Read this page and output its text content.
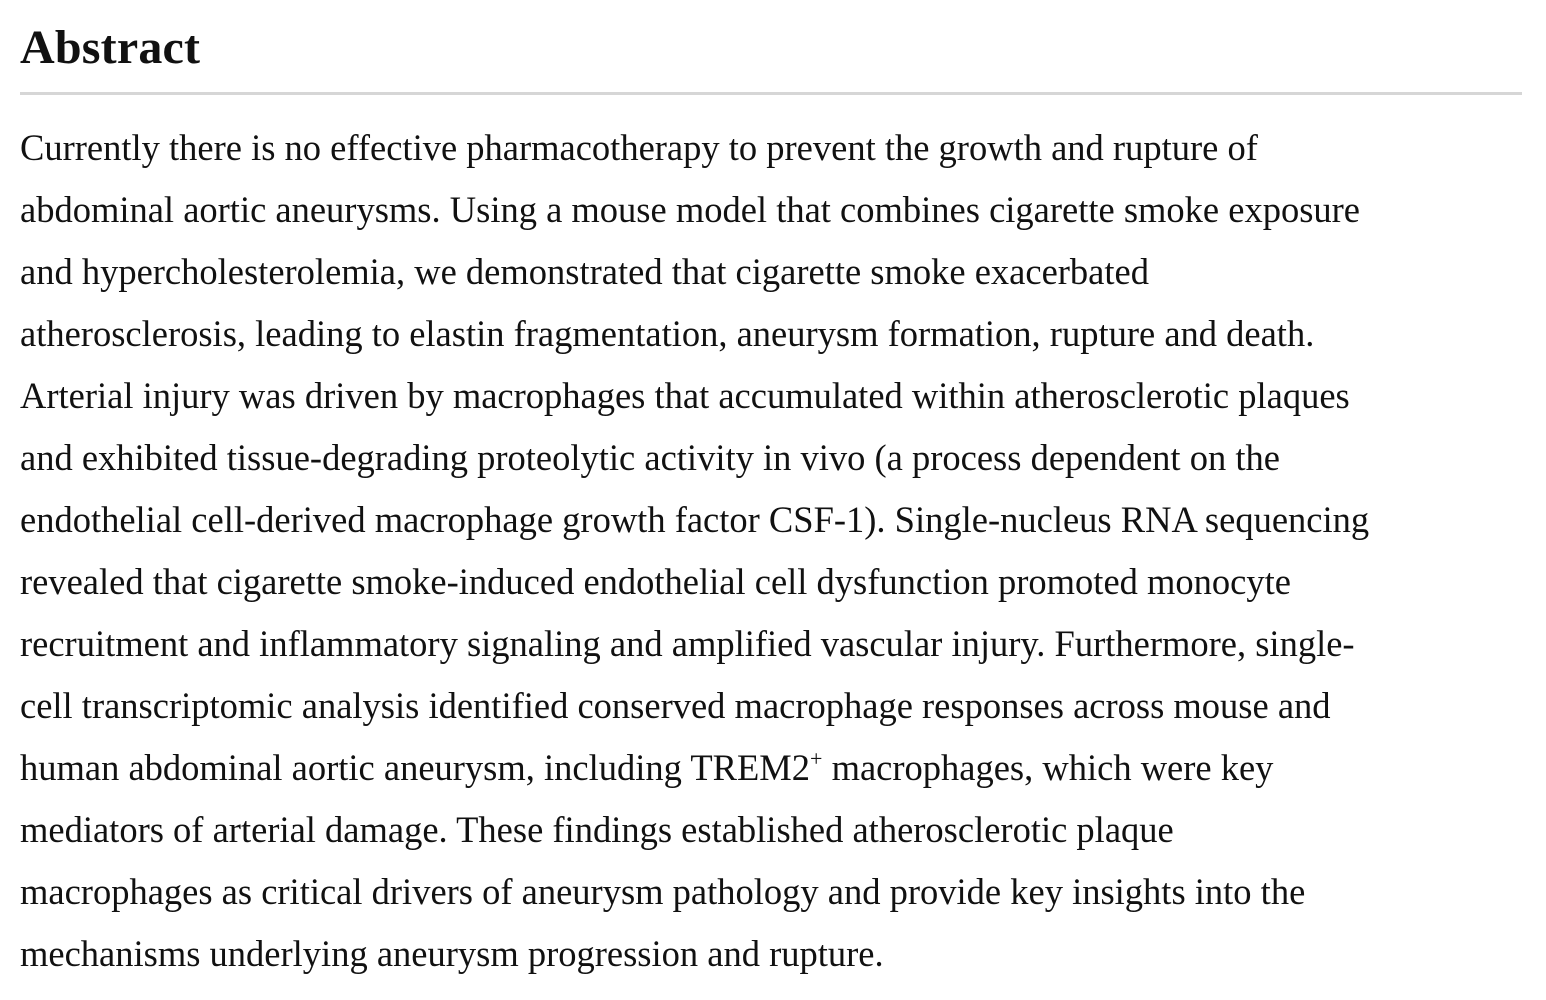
Abstract
Currently there is no effective pharmacotherapy to prevent the growth and rupture of
abdominal aortic aneurysms. Using a mouse model that combines cigarette smoke exposure
and hypercholesterolemia, we demonstrated that cigarette smoke exacerbated
atherosclerosis, leading to elastin fragmentation, aneurysm formation, rupture and death.
Arterial injury was driven by macrophages that accumulated within atherosclerotic plaques
and exhibited tissue-degrading proteolytic activity in vivo (a process dependent on the
endothelial cell-derived macrophage growth factor CSF-1). Single-nucleus RNA sequencing
revealed that cigarette smoke-induced endothelial cell dysfunction promoted monocyte
recruitment and inflammatory signaling and amplified vascular injury. Furthermore, single-
cell transcriptomic analysis identified conserved macrophage responses across mouse and
human abdominal aortic aneurysm, including TREM2+ macrophages, which were key
mediators of arterial damage. These findings established atherosclerotic plaque
macrophages as critical drivers of aneurysm pathology and provide key insights into the
mechanisms underlying aneurysm progression and rupture.
